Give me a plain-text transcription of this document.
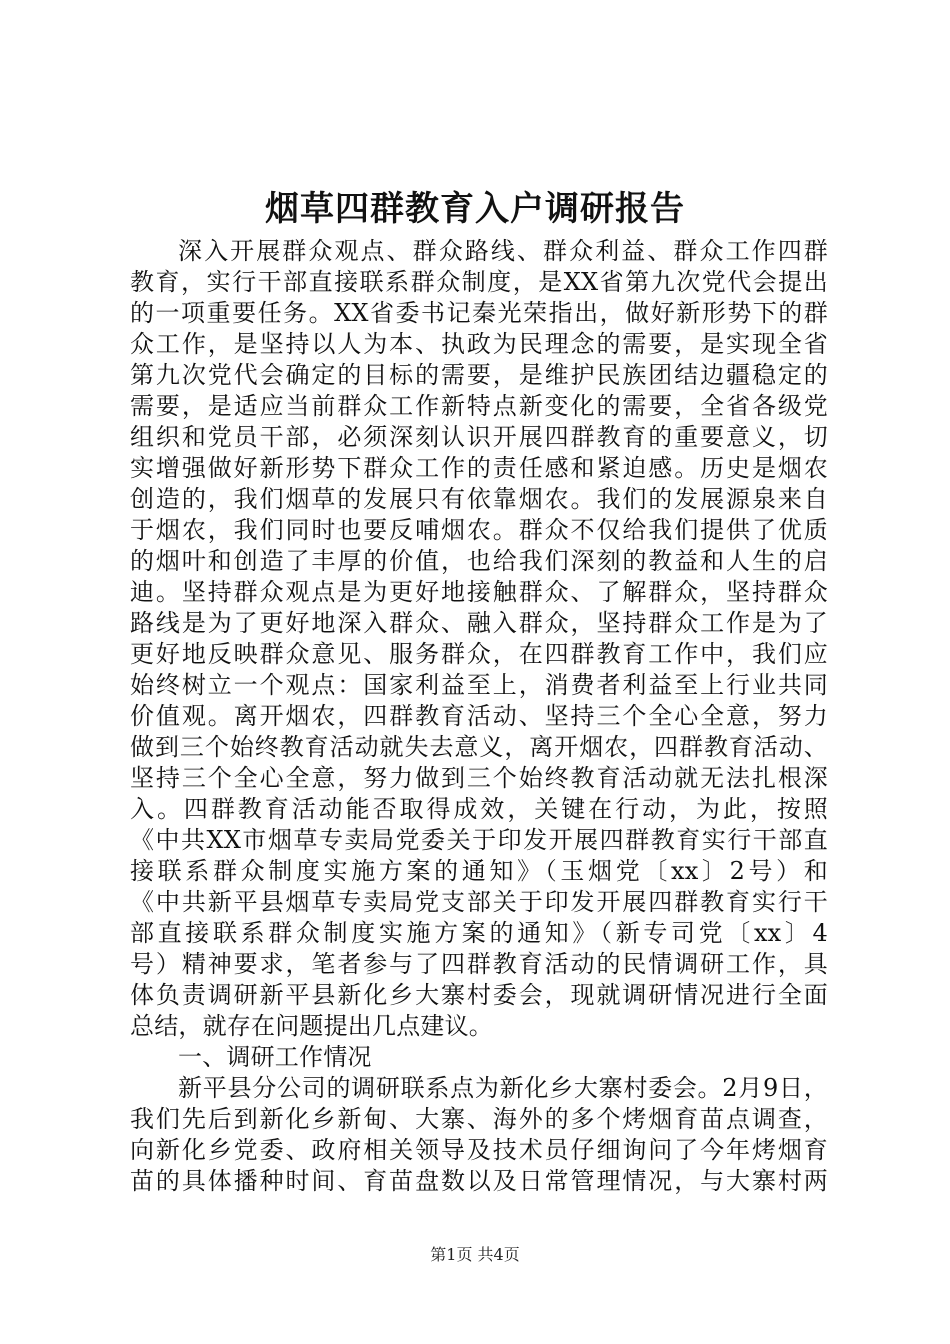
烟草四群教育入户调研报告
深入开展群众观点、群众路线、群众利益、群众工作四群
教育，实行干部直接联系群众制度，是XX省第九次党代会提出
的一项重要任务。XX省委书记秦光荣指出，做好新形势下的群
众工作，是坚持以人为本、执政为民理念的需要，是实现全省
第九次党代会确定的目标的需要，是维护民族团结边疆稳定的
需要，是适应当前群众工作新特点新变化的需要，全省各级党
组织和党员干部，必须深刻认识开展四群教育的重要意义，切
实增强做好新形势下群众工作的责任感和紧迫感。历史是烟农
创造的，我们烟草的发展只有依靠烟农。我们的发展源泉来自
于烟农，我们同时也要反哺烟农。群众不仅给我们提供了优质
的烟叶和创造了丰厚的价值，也给我们深刻的教益和人生的启
迪。坚持群众观点是为更好地接触群众、了解群众，坚持群众
路线是为了更好地深入群众、融入群众，坚持群众工作是为了
更好地反映群众意见、服务群众，在四群教育工作中，我们应
始终树立一个观点：国家利益至上，消费者利益至上行业共同
价值观。离开烟农，四群教育活动、坚持三个全心全意，努力
做到三个始终教育活动就失去意义，离开烟农，四群教育活动、
坚持三个全心全意，努力做到三个始终教育活动就无法扎根深
入。四群教育活动能否取得成效，关键在行动，为此，按照
《中共XX市烟草专卖局党委关于印发开展四群教育实行干部直
接联系群众制度实施方案的通知》（玉烟党〔xx〕2号）和
《中共新平县烟草专卖局党支部关于印发开展四群教育实行干
部直接联系群众制度实施方案的通知》（新专司党〔xx〕4
号）精神要求，笔者参与了四群教育活动的民情调研工作，具
体负责调研新平县新化乡大寨村委会，现就调研情况进行全面
总结，就存在问题提出几点建议。
一、调研工作情况
新平县分公司的调研联系点为新化乡大寨村委会。2月9日，
我们先后到新化乡新甸、大寨、海外的多个烤烟育苗点调查，
向新化乡党委、政府相关领导及技术员仔细询问了今年烤烟育
苗的具体播种时间、育苗盘数以及日常管理情况，与大寨村两
第1页 共4页
